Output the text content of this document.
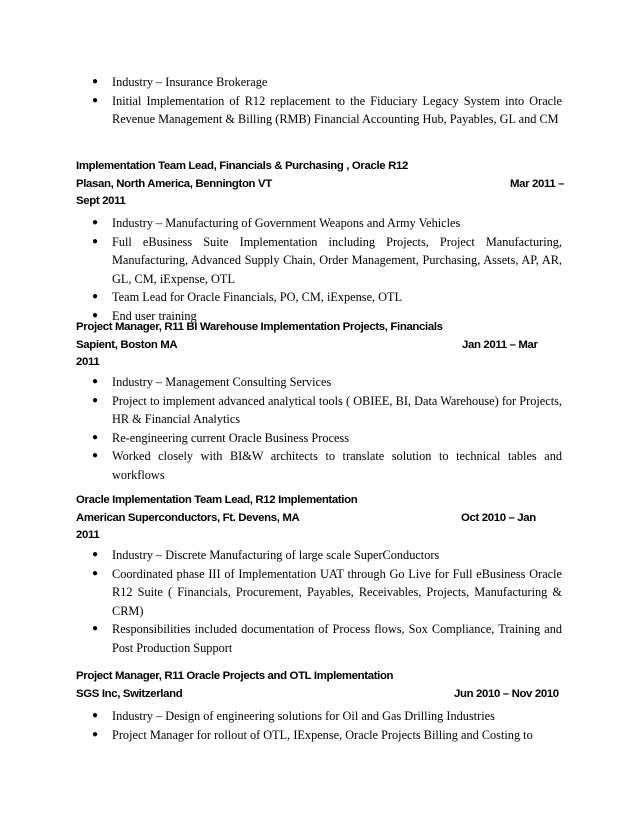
● Industry – Insurance Brokerage
● Initial Implementation of R12 replacement to the Fiduciary Legacy System into Oracle Revenue Management & Billing (RMB) Financial Accounting Hub, Payables, GL and CM
Implementation Team Lead, Financials & Purchasing , Oracle R12
Plasan, North America, Bennington VT	Mar 2011 –
Sept 2011
● Industry – Manufacturing of Government Weapons and Army Vehicles
● Full eBusiness Suite Implementation including Projects, Project Manufacturing, Manufacturing, Advanced Supply Chain, Order Management, Purchasing, Assets, AP, AR, GL, CM, iExpense, OTL
● Team Lead for Oracle Financials, PO, CM, iExpense, OTL
● End user training
Project Manager, R11 BI Warehouse Implementation Projects, Financials
Sapient, Boston MA	Jan 2011 – Mar
2011
● Industry – Management Consulting Services
● Project to implement advanced analytical tools ( OBIEE, BI, Data Warehouse) for Projects, HR & Financial Analytics
● Re-engineering current Oracle Business Process
● Worked closely with BI&W architects to translate solution to technical tables and workflows
Oracle Implementation Team Lead, R12 Implementation
American Superconductors, Ft. Devens, MA	Oct 2010 – Jan
2011
● Industry – Discrete Manufacturing of large scale SuperConductors
● Coordinated phase III of Implementation UAT through Go Live for Full eBusiness Oracle R12 Suite ( Financials, Procurement, Payables, Receivables, Projects, Manufacturing & CRM)
● Responsibilities included documentation of Process flows, Sox Compliance, Training and Post Production Support
Project Manager, R11 Oracle Projects and OTL Implementation
SGS Inc, Switzerland	Jun 2010 – Nov 2010
● Industry – Design of engineering solutions for Oil and Gas Drilling Industries
● Project Manager for rollout of OTL, IExpense, Oracle Projects Billing and Costing to
